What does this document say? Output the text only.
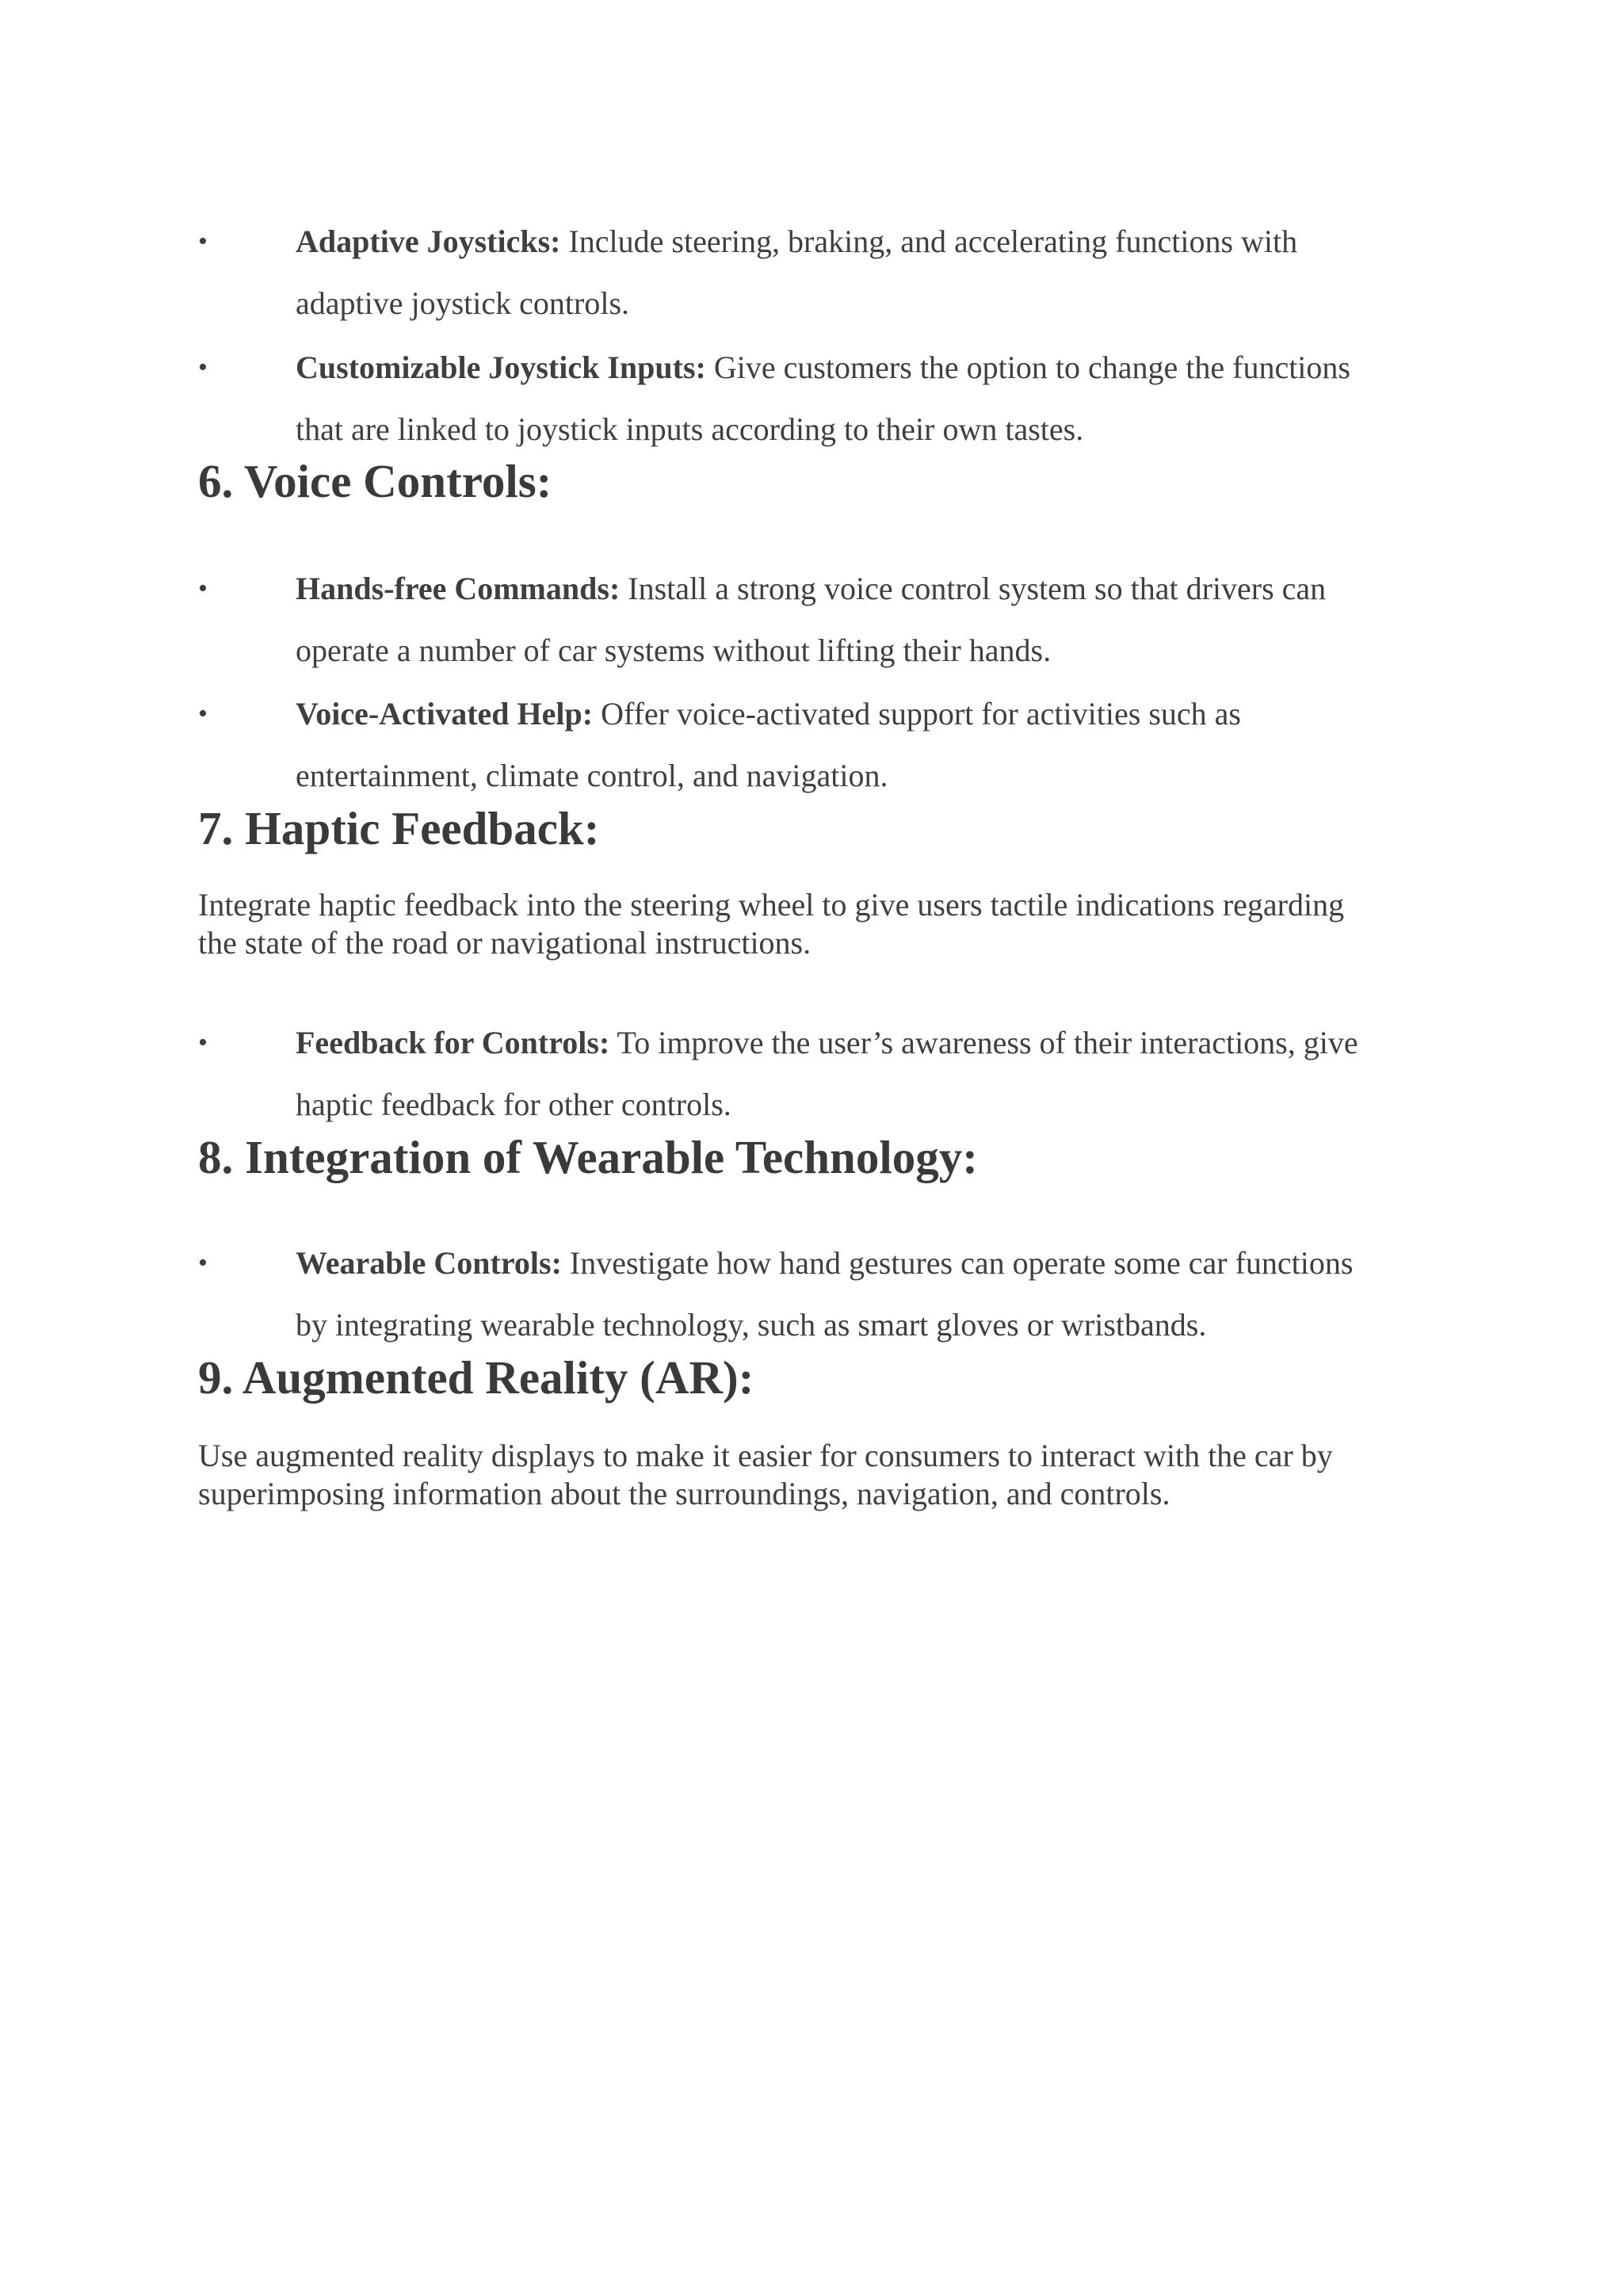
•	Adaptive Joysticks: Include steering, braking, and accelerating functions with
adaptive joystick controls.
•	Customizable Joystick Inputs: Give customers the option to change the functions
that are linked to joystick inputs according to their own tastes.
6. Voice Controls:
•	Hands-free Commands: Install a strong voice control system so that drivers can
operate a number of car systems without lifting their hands.
•	Voice-Activated Help: Offer voice-activated support for activities such as
entertainment, climate control, and navigation.
7. Haptic Feedback:
Integrate haptic feedback into the steering wheel to give users tactile indications regarding
the state of the road or navigational instructions.
•	Feedback for Controls: To improve the user’s awareness of their interactions, give
haptic feedback for other controls.
8. Integration of Wearable Technology:
•	Wearable Controls: Investigate how hand gestures can operate some car functions
by integrating wearable technology, such as smart gloves or wristbands.
9. Augmented Reality (AR):
Use augmented reality displays to make it easier for consumers to interact with the car by
superimposing information about the surroundings, navigation, and controls.
